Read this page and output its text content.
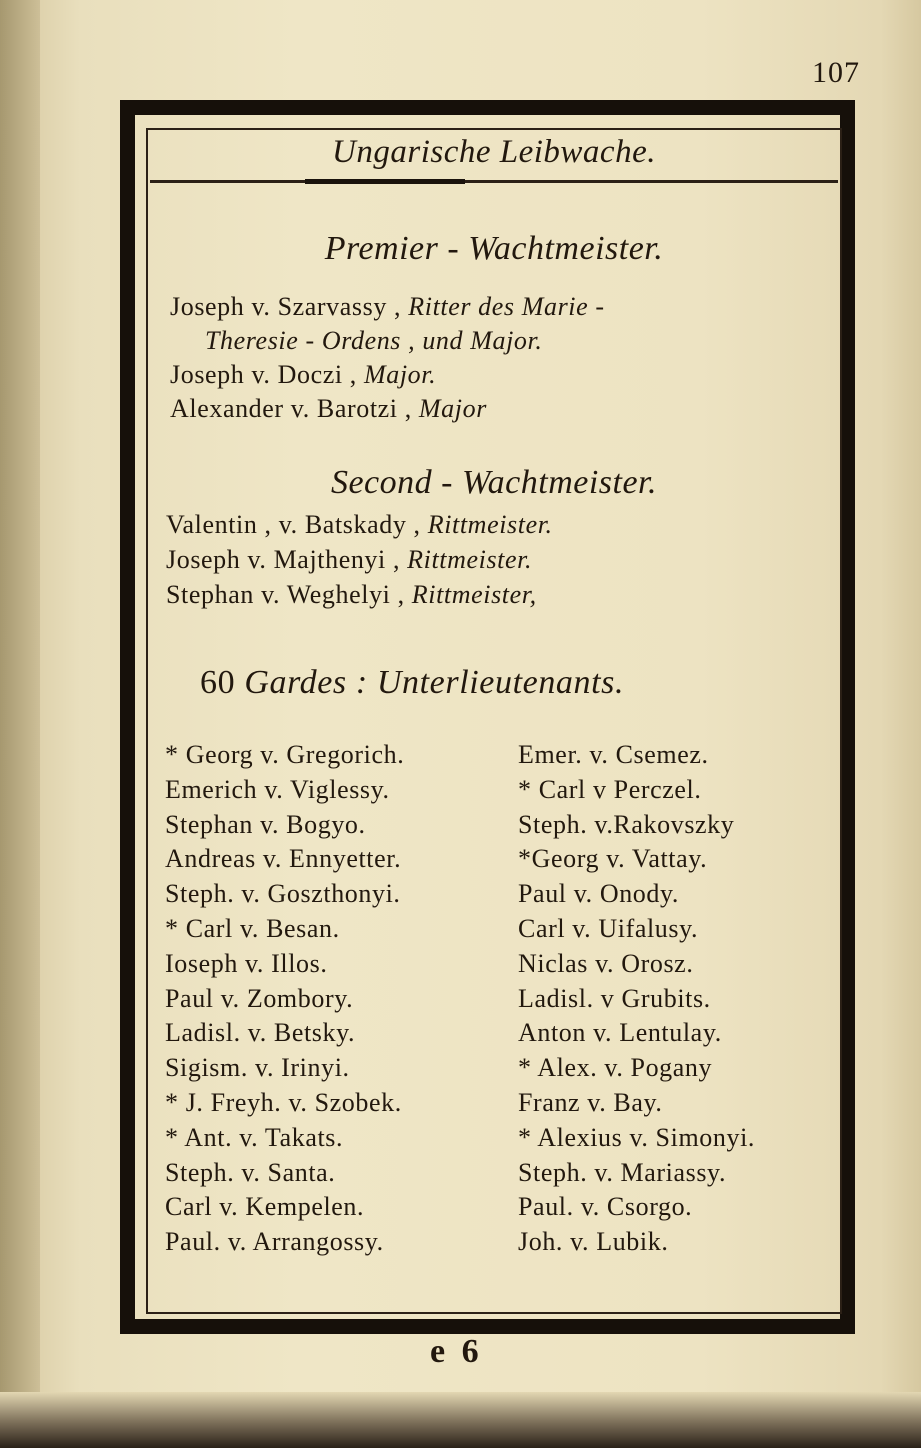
107
Ungarische Leibwache.
Premier - Wachtmeister.
Joseph v. Szarvassy , Ritter des Marie -
Theresie - Ordens , und Major.
Joseph v. Doczi , Major.
Alexander v. Barotzi , Major
Second - Wachtmeister.
Valentin , v. Batskady , Rittmeister.
Joseph v. Majthenyi , Rittmeister.
Stephan v. Weghelyi , Rittmeister,
60 Gardes : Unterlieutenants.
* Georg v. Gregorich.
Emerich v. Viglessy.
Stephan v. Bogyo.
Andreas v. Ennyetter.
Steph. v. Goszthonyi.
* Carl v. Besan.
Ioseph v. Illos.
Paul v. Zombory.
Ladisl. v. Betsky.
Sigism. v. Irinyi.
* J. Freyh. v. Szobek.
* Ant. v. Takats.
Steph. v. Santa.
Carl v. Kempelen.
Paul. v. Arrangossy.
Emer. v. Csemez.
* Carl v Perczel.
Steph. v.Rakovszky
*Georg v. Vattay.
Paul v. Onody.
Carl v. Uifalusy.
Niclas v. Orosz.
Ladisl. v Grubits.
Anton v. Lentulay.
* Alex. v. Pogany
Franz v. Bay.
* Alexius v. Simonyi.
Steph. v. Mariassy.
Paul. v. Csorgo.
Joh. v. Lubik.
e 6
